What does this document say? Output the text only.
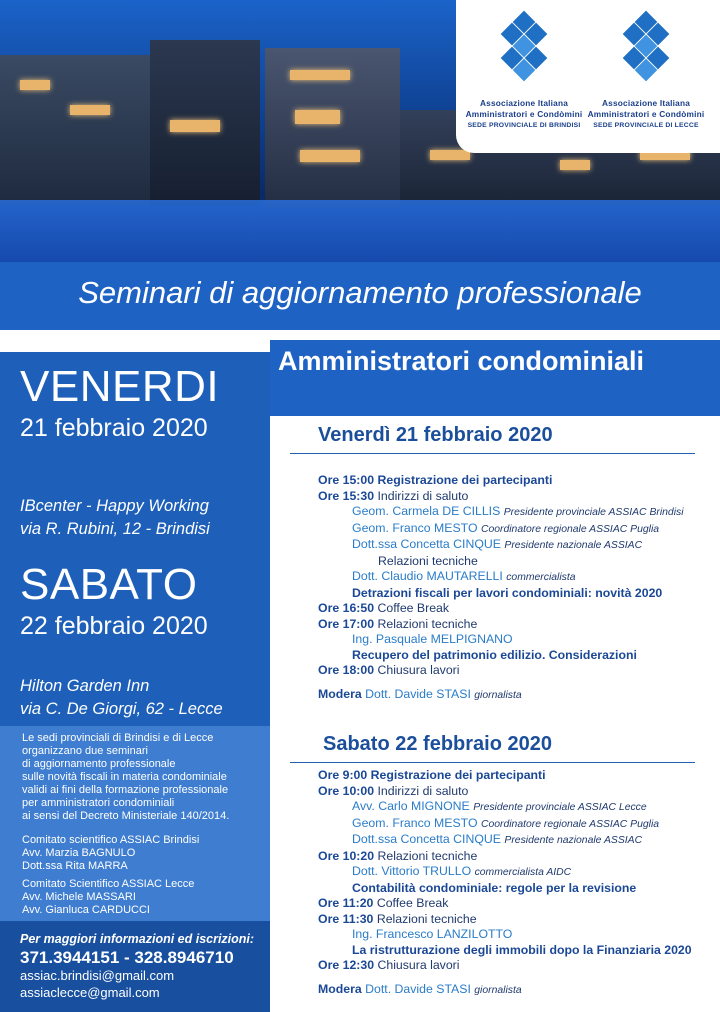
Associazione Italiana
Amministratori e Condòmini
SEDE PROVINCIALE DI BRINDISI
Associazione Italiana
Amministratori e Condòmini
SEDE PROVINCIALE DI LECCE
Seminari di aggiornamento professionale
VENERDI
21 febbraio 2020
IBcenter - Happy Working
via R. Rubini, 12 - Brindisi
SABATO
22 febbraio 2020
Hilton Garden Inn
via C. De Giorgi, 62 - Lecce
Le sedi provinciali di Brindisi e di Lecce
organizzano due seminari
di aggiornamento professionale
sulle novità fiscali in materia condominiale
validi ai fini della formazione professionale
per amministratori condominiali
ai sensi del Decreto Ministeriale 140/2014.
Comitato scientifico ASSIAC Brindisi
Avv. Marzia BAGNULO
Dott.ssa Rita MARRA
Comitato Scientifico ASSIAC Lecce
Avv. Michele MASSARI
Avv. Gianluca CARDUCCI
Per maggiori informazioni ed iscrizioni:
371.3944151 - 328.8946710
assiac.brindisi@gmail.com
assiaclecce@gmail.com
Amministratori condominiali
Venerdì 21 febbraio 2020
Ore 15:00 Registrazione dei partecipanti
Ore 15:30 Indirizzi di saluto
Geom. Carmela DE CILLIS Presidente provinciale ASSIAC Brindisi
Geom. Franco MESTO Coordinatore regionale ASSIAC Puglia
Dott.ssa Concetta CINQUE Presidente nazionale ASSIAC
Relazioni tecniche
Dott. Claudio MAUTARELLI commercialista
Detrazioni fiscali per lavori condominiali: novità 2020
Ore 16:50 Coffee Break
Ore 17:00 Relazioni tecniche
Ing. Pasquale MELPIGNANO
Recupero del patrimonio edilizio. Considerazioni
Ore 18:00 Chiusura lavori
Modera Dott. Davide STASI giornalista
Sabato 22 febbraio 2020
Ore 9:00 Registrazione dei partecipanti
Ore 10:00 Indirizzi di saluto
Avv. Carlo MIGNONE Presidente provinciale ASSIAC Lecce
Geom. Franco MESTO Coordinatore regionale ASSIAC Puglia
Dott.ssa Concetta CINQUE Presidente nazionale ASSIAC
Ore 10:20 Relazioni tecniche
Dott. Vittorio TRULLO commercialista AIDC
Contabilità condominiale: regole per la revisione
Ore 11:20 Coffee Break
Ore 11:30 Relazioni tecniche
Ing. Francesco LANZILOTTO
La ristrutturazione degli immobili dopo la Finanziaria 2020
Ore 12:30 Chiusura lavori
Modera Dott. Davide STASI giornalista
